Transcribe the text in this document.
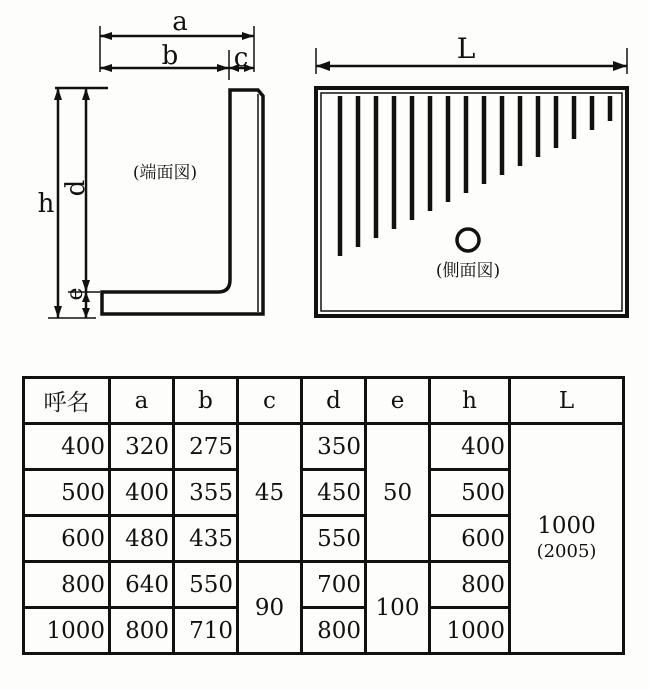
a
b c
h
d
e
(端面図)
L
(側面図)
呼名	a	b	c	d	e	h	L
400	320	275	45	350	50	400	1000
(2005)

500	400	355		450		500	
600	480	435		550		600	
800	640	550	90	700	100	800	
1000	800	710		800		1000	
